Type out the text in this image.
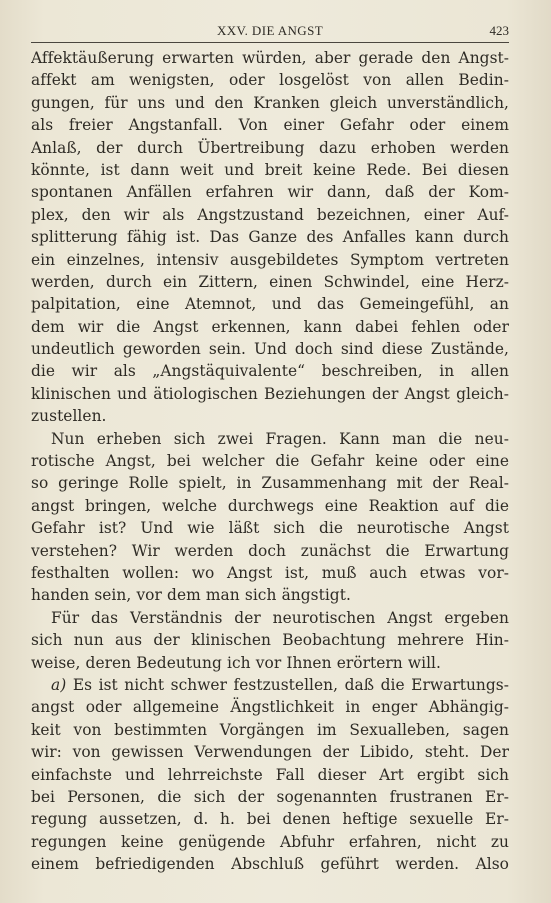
XXV. DIE ANGST	423
Affektäußerung erwarten würden, aber gerade den Angst-
affekt am wenigsten, oder losgelöst von allen Bedin-
gungen, für uns und den Kranken gleich unverständlich,
als freier Angstanfall. Von einer Gefahr oder einem
Anlaß, der durch Übertreibung dazu erhoben werden
könnte, ist dann weit und breit keine Rede. Bei diesen
spontanen Anfällen erfahren wir dann, daß der Kom-
plex, den wir als Angstzustand bezeichnen, einer Auf-
splitterung fähig ist. Das Ganze des Anfalles kann durch
ein einzelnes, intensiv ausgebildetes Symptom vertreten
werden, durch ein Zittern, einen Schwindel, eine Herz-
palpitation, eine Atemnot, und das Gemeingefühl, an
dem wir die Angst erkennen, kann dabei fehlen oder
undeutlich geworden sein. Und doch sind diese Zustände,
die wir als „Angstäquivalente“ beschreiben, in allen
klinischen und ätiologischen Beziehungen der Angst gleich-
zustellen.
Nun erheben sich zwei Fragen. Kann man die neu-
rotische Angst, bei welcher die Gefahr keine oder eine
so geringe Rolle spielt, in Zusammenhang mit der Real-
angst bringen, welche durchwegs eine Reaktion auf die
Gefahr ist? Und wie läßt sich die neurotische Angst
verstehen? Wir werden doch zunächst die Erwartung
festhalten wollen: wo Angst ist, muß auch etwas vor-
handen sein, vor dem man sich ängstigt.
Für das Verständnis der neurotischen Angst ergeben
sich nun aus der klinischen Beobachtung mehrere Hin-
weise, deren Bedeutung ich vor Ihnen erörtern will.
a) Es ist nicht schwer festzustellen, daß die Erwartungs-
angst oder allgemeine Ängstlichkeit in enger Abhängig-
keit von bestimmten Vorgängen im Sexualleben, sagen
wir: von gewissen Verwendungen der Libido, steht. Der
einfachste und lehrreichste Fall dieser Art ergibt sich
bei Personen, die sich der sogenannten frustranen Er-
regung aussetzen, d. h. bei denen heftige sexuelle Er-
regungen keine genügende Abfuhr erfahren, nicht zu
einem befriedigenden Abschluß geführt werden. Also
